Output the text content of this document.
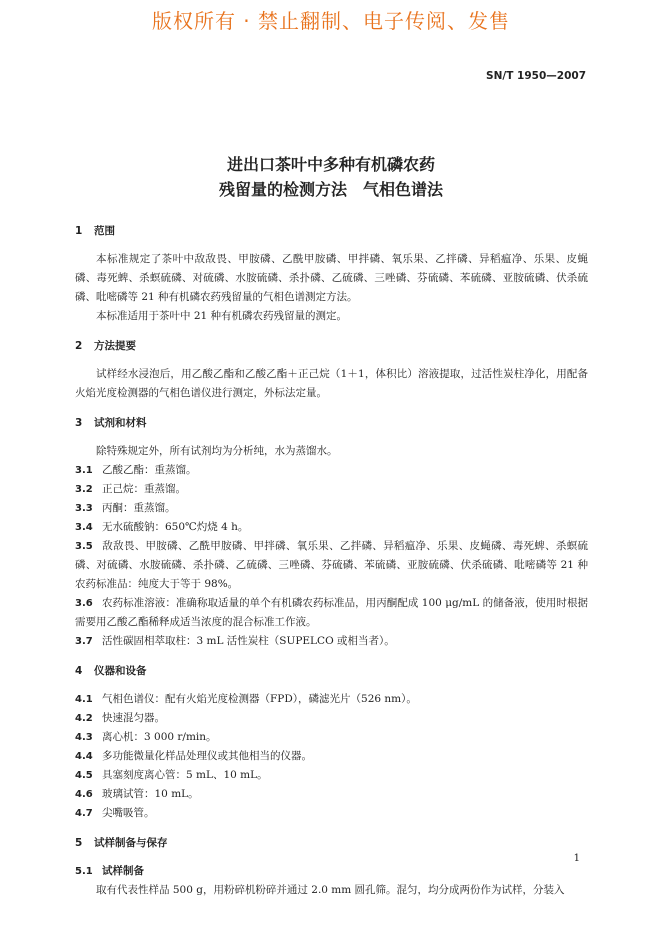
版权所有 · 禁止翻制、电子传阅、发售
SN/T 1950—2007
进出口茶叶中多种有机磷农药
残留量的检测方法　气相色谱法
1 范围
本标准规定了茶叶中敌敌畏、甲胺磷、乙酰甲胺磷、甲拌磷、氧乐果、乙拌磷、异稻瘟净、乐果、皮蝇磷、毒死蜱、杀螟硫磷、对硫磷、水胺硫磷、杀扑磷、乙硫磷、三唑磷、芬硫磷、苯硫磷、亚胺硫磷、伏杀硫磷、吡嘧磷等 21 种有机磷农药残留量的气相色谱测定方法。
本标准适用于茶叶中 21 种有机磷农药残留量的测定。
2 方法提要
试样经水浸泡后，用乙酸乙酯和乙酸乙酯＋正己烷（1＋1，体积比）溶液提取，过活性炭柱净化，用配备火焰光度检测器的气相色谱仪进行测定，外标法定量。
3 试剂和材料
除特殊规定外，所有试剂均为分析纯，水为蒸馏水。
3.1 乙酸乙酯：重蒸馏。
3.2 正己烷：重蒸馏。
3.3 丙酮：重蒸馏。
3.4 无水硫酸钠：650℃灼烧 4 h。
3.5 敌敌畏、甲胺磷、乙酰甲胺磷、甲拌磷、氧乐果、乙拌磷、异稻瘟净、乐果、皮蝇磷、毒死蜱、杀螟硫磷、对硫磷、水胺硫磷、杀扑磷、乙硫磷、三唑磷、芬硫磷、苯硫磷、亚胺硫磷、伏杀硫磷、吡嘧磷等 21 种农药标准品：纯度大于等于 98%。
3.6 农药标准溶液：准确称取适量的单个有机磷农药标准品，用丙酮配成 100 μg/mL 的储备液，使用时根据需要用乙酸乙酯稀释成适当浓度的混合标准工作液。
3.7 活性碳固相萃取柱：3 mL 活性炭柱（SUPELCO 或相当者）。
4 仪器和设备
4.1 气相色谱仪：配有火焰光度检测器（FPD），磷滤光片（526 nm）。
4.2 快速混匀器。
4.3 离心机：3 000 r/min。
4.4 多功能微量化样品处理仪或其他相当的仪器。
4.5 具塞刻度离心管：5 mL、10 mL。
4.6 玻璃试管：10 mL。
4.7 尖嘴吸管。
5 试样制备与保存
5.1 试样制备
取有代表性样品 500 g，用粉碎机粉碎并通过 2.0 mm 圆孔筛。混匀，均分成两份作为试样，分装入
1
